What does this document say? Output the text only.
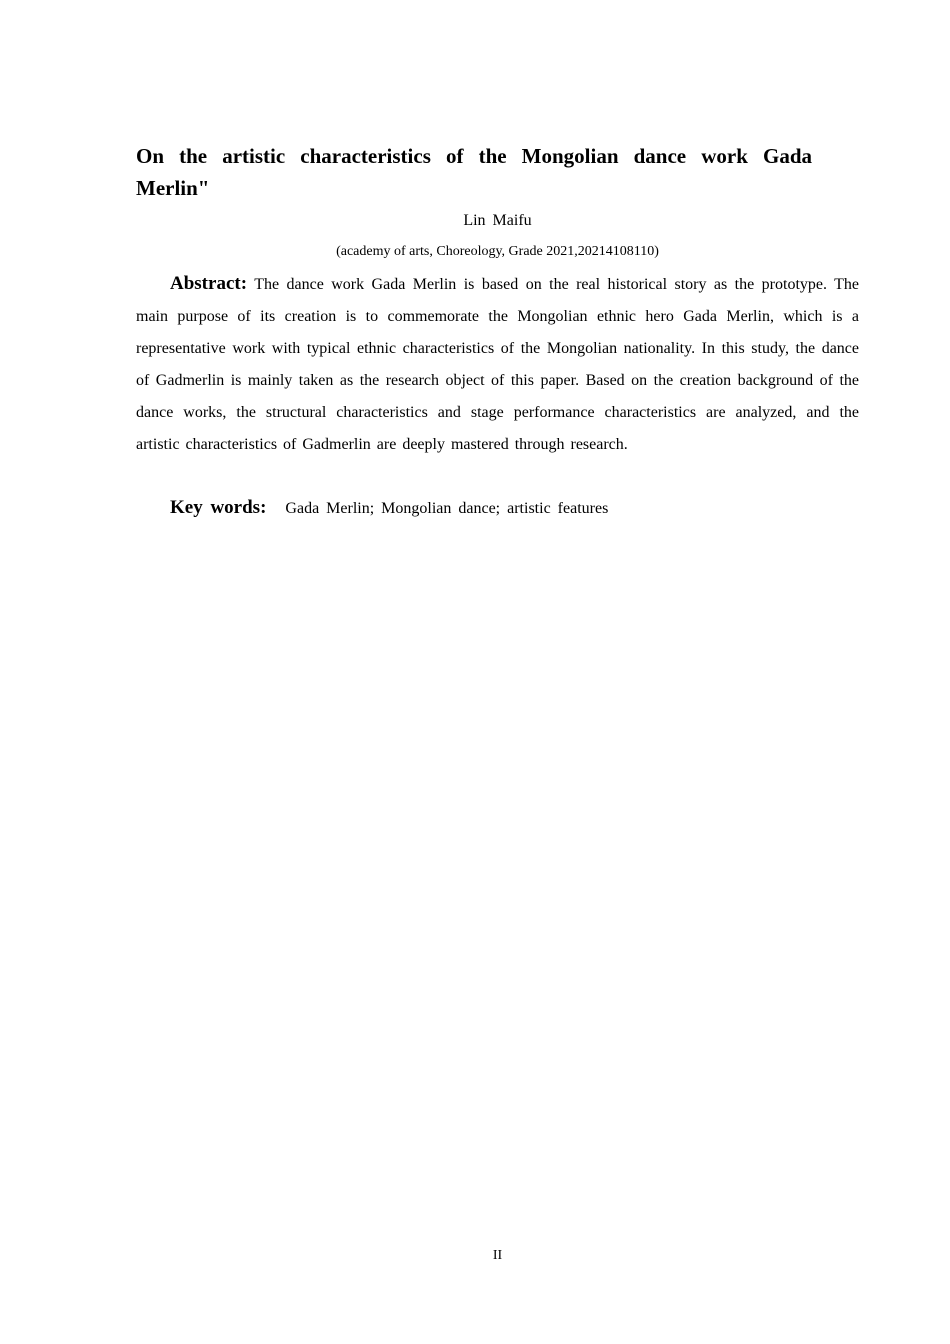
On the artistic characteristics of the Mongolian dance work Gada Merlin"
Lin Maifu
(academy of arts, Choreology, Grade 2021,20214108110)

Abstract: The dance work Gada Merlin is based on the real historical story as the prototype. The main purpose of its creation is to commemorate the Mongolian ethnic hero Gada Merlin, which is a representative work with typical ethnic characteristics of the Mongolian nationality. In this study, the dance of Gadmerlin is mainly taken as the research object of this paper. Based on the creation background of the dance works, the structural characteristics and stage performance characteristics are analyzed, and the artistic characteristics of Gadmerlin are deeply mastered through research.

Key words: Gada Merlin; Mongolian dance; artistic features

II
